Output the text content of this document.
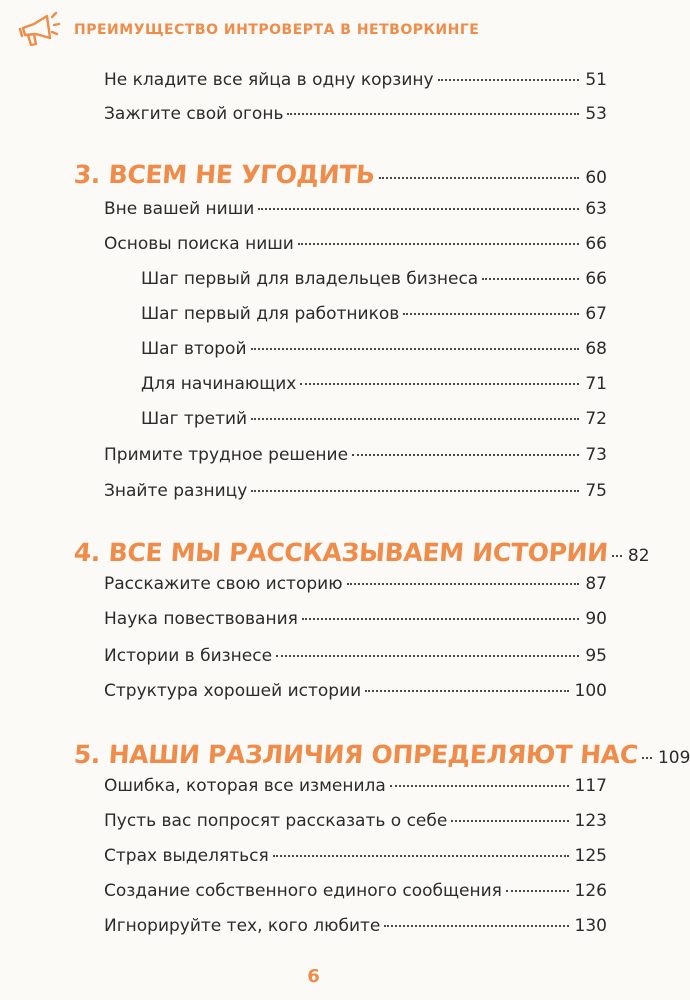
ПРЕИМУЩЕСТВО ИНТРОВЕРТА В НЕТВОРКИНГЕ
Не кладите все яйца в одну корзину	51
Зажгите свой огонь	53
3. ВСЕМ НЕ УГОДИТЬ	60
Вне вашей ниши	63
Основы поиска ниши	66
Шаг первый для владельцев бизнеса	66
Шаг первый для работников	67
Шаг второй	68
Для начинающих	71
Шаг третий	72
Примите трудное решение	73
Знайте разницу	75
4. ВСЕ МЫ РАССКАЗЫВАЕМ ИСТОРИИ 82
Расскажите свою историю	87
Наука повествования	90
Истории в бизнесе	95
Структура хорошей истории	100
5. НАШИ РАЗЛИЧИЯ ОПРЕДЕЛЯЮТ НАС 109
Ошибка, которая все изменила	117
Пусть вас попросят рассказать о себе	123
Страх выделяться	125
Создание собственного единого сообщения	126
Игнорируйте тех, кого любите	130
6
